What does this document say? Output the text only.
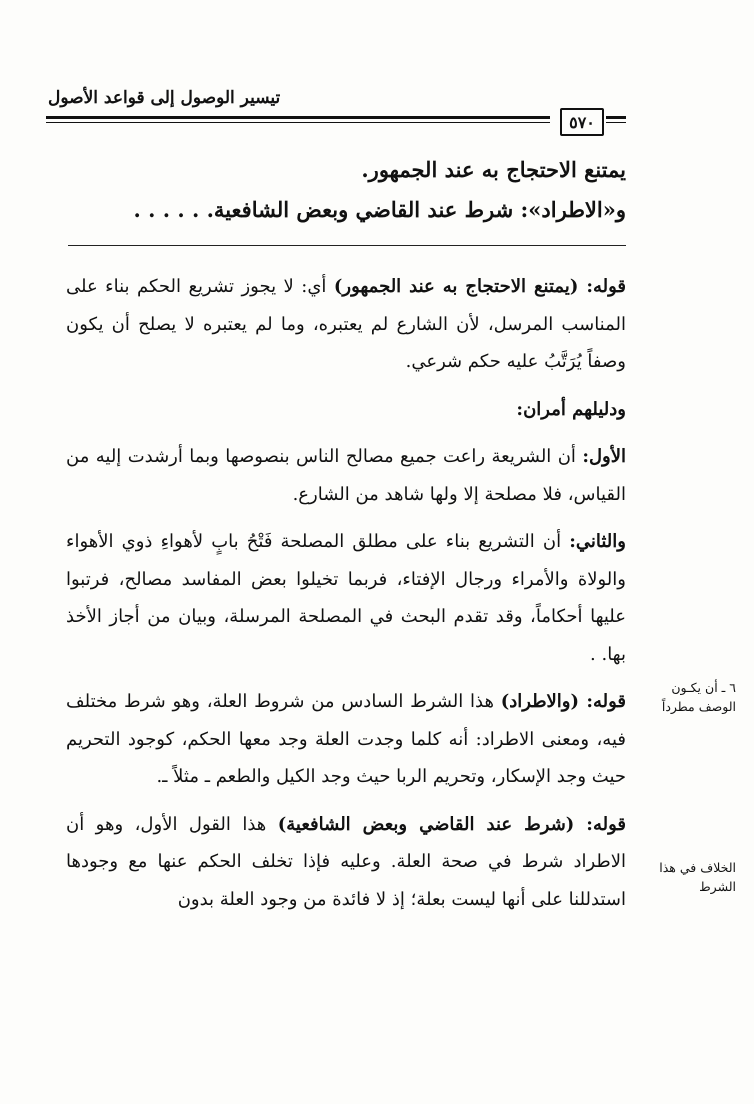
تيسير الوصول إلى قواعد الأصول
٥٧٠

يمتنع الاحتجاج به عند الجمهور.

و«الاطراد»: شرط عند القاضي وبعض الشافعية. . . . . .

قوله: (يمتنع الاحتجاج به عند الجمهور) أي: لا يجوز تشريع الحكم بناء على المناسب المرسل، لأن الشارع لم يعتبره، وما لم يعتبره لا يصلح أن يكون وصفاً يُرَتَّبُ عليه حكم شرعي.

ودليلهم أمران:

الأول: أن الشريعة راعت جميع مصالح الناس بنصوصها وبما أرشدت إليه من القياس، فلا مصلحة إلا ولها شاهد من الشارع.

والثاني: أن التشريع بناء على مطلق المصلحة فَتْحُ بابٍ لأهواءِ ذوي الأهواء والولاة والأمراء ورجال الإفتاء، فربما تخيلوا بعض المفاسد مصالح، فرتبوا عليها أحكاماً، وقد تقدم البحث في المصلحة المرسلة، وبيان من أجاز الأخذ بها. .

قوله: (والاطراد) هذا الشرط السادس من شروط العلة، وهو شرط مختلف فيه، ومعنى الاطراد: أنه كلما وجدت العلة وجد معها الحكم، كوجود التحريم حيث وجد الإسكار، وتحريم الربا حيث وجد الكيل والطعم ـ مثلاً ـ.

قوله: (شرط عند القاضي وبعض الشافعية) هذا القول الأول، وهو أن الاطراد شرط في صحة العلة. وعليه فإذا تخلف الحكم عنها مع وجودها استدللنا على أنها ليست بعلة؛ إذ لا فائدة من وجود العلة بدون

٦ ـ أن يكـون الوصف مطرداً
الخلاف في هذا الشرط
